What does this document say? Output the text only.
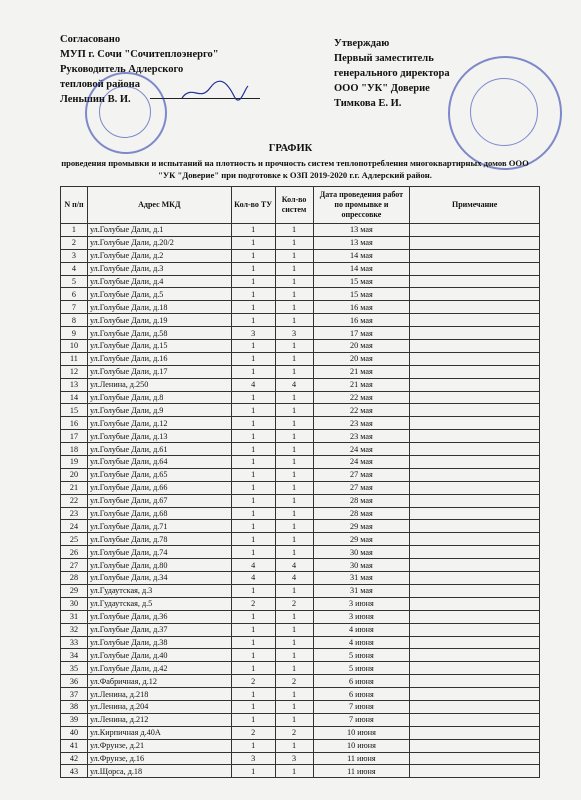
Согласовано
МУП г. Сочи "Сочитеплоэнерго"
Руководитель Адлерского
тепловой района
Леньшин В. И.
Утверждаю
Первый заместитель
генерального директора
ООО "УК" Доверие
Тимкова Е. И.
ГРАФИК
проведения промывки и испытаний на плотность и прочность систем теплопотребления многоквартирных домов ООО "УК "Доверие" при подготовке к ОЗП 2019-2020 г.г. Адлерский район.
N п/п	Адрес МКД	Кол-во ТУ	Кол-во систем	Дата проведения работ по промывке и опрессовке	Примечание
1	ул.Голубые Дали, д.1	1	1	13 мая	
2	ул.Голубые Дали, д.20/2	1	1	13 мая	
3	ул.Голубые Дали, д.2	1	1	14 мая	
4	ул.Голубые Дали, д.3	1	1	14 мая	
5	ул.Голубые Дали, д.4	1	1	15 мая	
6	ул.Голубые Дали, д.5	1	1	15 мая	
7	ул.Голубые Дали, д.18	1	1	16 мая	
8	ул.Голубые Дали, д.19	1	1	16 мая	
9	ул.Голубые Дали, д.58	3	3	17 мая	
10	ул.Голубые Дали, д.15	1	1	20 мая	
11	ул.Голубые Дали, д.16	1	1	20 мая	
12	ул.Голубые Дали, д.17	1	1	21 мая	
13	ул.Ленина, д.250	4	4	21 мая	
14	ул.Голубые Дали, д.8	1	1	22 мая	
15	ул.Голубые Дали, д.9	1	1	22 мая	
16	ул.Голубые Дали, д.12	1	1	23 мая	
17	ул.Голубые Дали, д.13	1	1	23 мая	
18	ул.Голубые Дали, д.61	1	1	24 мая	
19	ул.Голубые Дали, д.64	1	1	24 мая	
20	ул.Голубые Дали, д.65	1	1	27 мая	
21	ул.Голубые Дали, д.66	1	1	27 мая	
22	ул.Голубые Дали, д.67	1	1	28 мая	
23	ул.Голубые Дали, д.68	1	1	28 мая	
24	ул.Голубые Дали, д.71	1	1	29 мая	
25	ул.Голубые Дали, д.78	1	1	29 мая	
26	ул.Голубые Дали, д.74	1	1	30 мая	
27	ул.Голубые Дали, д.80	4	4	30 мая	
28	ул.Голубые Дали, д.34	4	4	31 мая	
29	ул.Гудаутская, д.3	1	1	31 мая	
30	ул.Гудаутская, д.5	2	2	3 июня	
31	ул.Голубые Дали, д.36	1	1	3 июня	
32	ул.Голубые Дали, д.37	1	1	4 июня	
33	ул.Голубые Дали, д.38	1	1	4 июня	
34	ул.Голубые Дали, д.40	1	1	5 июня	
35	ул.Голубые Дали, д.42	1	1	5 июня	
36	ул.Фабричная, д.12	2	2	6 июня	
37	ул.Ленина, д.218	1	1	6 июня	
38	ул.Ленина, д.204	1	1	7 июня	
39	ул.Ленина, д.212	1	1	7 июня	
40	ул.Кирпичная д.40А	2	2	10 июня	
41	ул.Фрунзе, д.21	1	1	10 июня	
42	ул.Фрунзе, д.16	3	3	11 июня	
43	ул.Щорса, д.18	1	1	11 июня	
